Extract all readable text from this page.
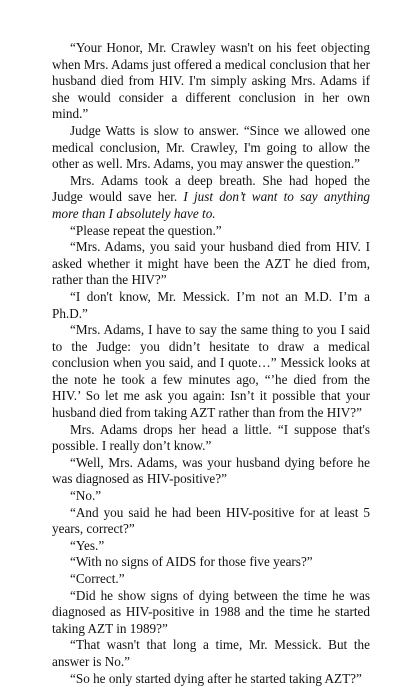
“Your Honor, Mr. Crawley wasn't on his feet objecting when Mrs. Adams just offered a medical conclusion that her husband died from HIV. I'm simply asking Mrs. Adams if she would consider a different conclusion in her own mind.”

Judge Watts is slow to answer. “Since we allowed one medical conclusion, Mr. Crawley, I'm going to allow the other as well. Mrs. Adams, you may answer the question.”

Mrs. Adams took a deep breath. She had hoped the Judge would save her. I just don’t want to say anything more than I absolutely have to.

“Please repeat the question.”

“Mrs. Adams, you said your husband died from HIV. I asked whether it might have been the AZT he died from, rather than the HIV?”

“I don't know, Mr. Messick. I’m not an M.D. I’m a Ph.D.”

“Mrs. Adams, I have to say the same thing to you I said to the Judge: you didn’t hesitate to draw a medical conclusion when you said, and I quote…” Messick looks at the note he took a few minutes ago, “’he died from the HIV.’ So let me ask you again: Isn’t it possible that your husband died from taking AZT rather than from the HIV?”

Mrs. Adams drops her head a little. “I suppose that's possible. I really don’t know.”

“Well, Mrs. Adams, was your husband dying before he was diagnosed as HIV-positive?”

“No.”

“And you said he had been HIV-positive for at least 5 years, correct?”

“Yes.”

“With no signs of AIDS for those five years?”

“Correct.”

“Did he show signs of dying between the time he was diagnosed as HIV-positive in 1988 and the time he started taking AZT in 1989?”

“That wasn't that long a time, Mr. Messick. But the answer is No.”

“So he only started dying after he started taking AZT?”
